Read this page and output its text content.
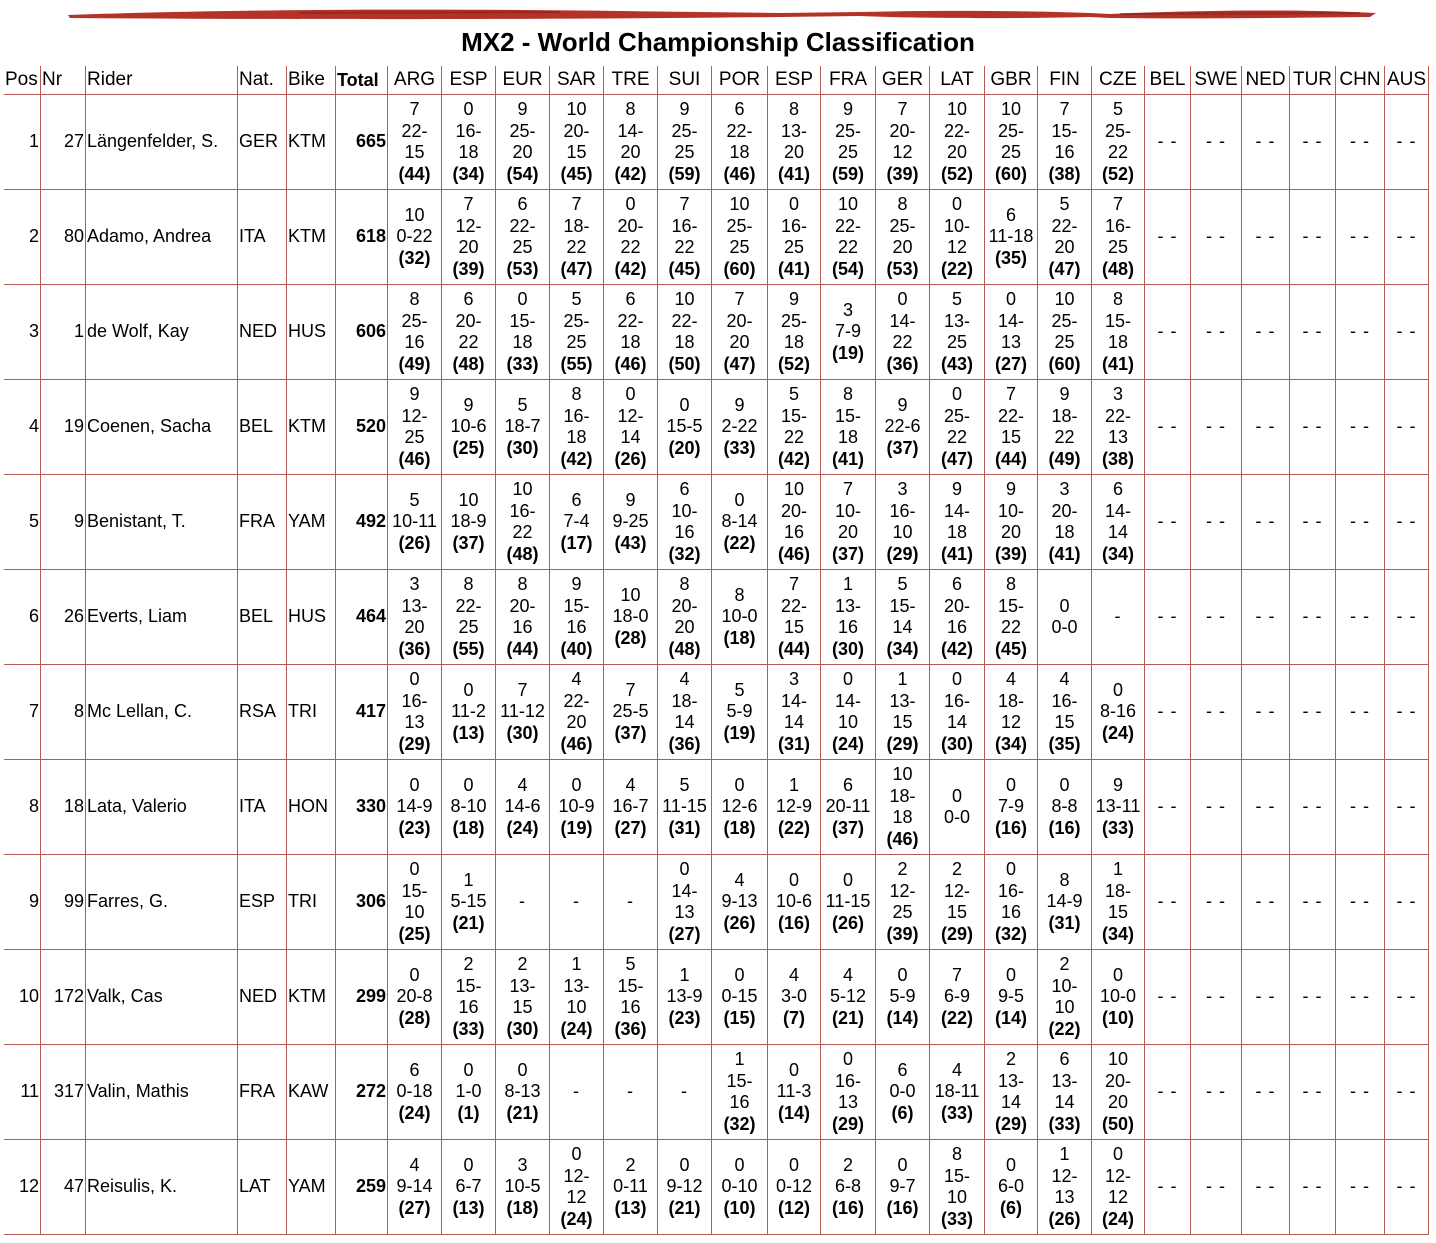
MX2 - World Championship Classification
Pos	Nr	Rider	Nat.	Bike	Total	ARG	ESP	EUR	SAR	TRE	SUI	POR	ESP	FRA	GER	LAT	GBR	FIN	CZE	BEL	SWE	NED	TUR	CHN	AUS
1	27	Längenfelder, S.	GER	KTM	665	7
22-
15
(44)	0
16-
18
(34)	9
25-
20
(54)	10
20-
15
(45)	8
14-
20
(42)	9
25-
25
(59)	6
22-
18
(46)	8
13-
20
(41)	9
25-
25
(59)	7
20-
12
(39)	10
22-
20
(52)	10
25-
25
(60)	7
15-
16
(38)	5
25-
22
(52)	- -	- -	- -	- -	- -	- -

2	80	Adamo, Andrea	ITA	KTM	618	10
0-22
(32)	7
12-
20
(39)	6
22-
25
(53)	7
18-
22
(47)	0
20-
22
(42)	7
16-
22
(45)	10
25-
25
(60)	0
16-
25
(41)	10
22-
22
(54)	8
25-
20
(53)	0
10-
12
(22)	6
11-18
(35)	5
22-
20
(47)	7
16-
25
(48)	- -	- -	- -	- -	- -	- -

3	1	de Wolf, Kay	NED	HUS	606	8
25-
16
(49)	6
20-
22
(48)	0
15-
18
(33)	5
25-
25
(55)	6
22-
18
(46)	10
22-
18
(50)	7
20-
20
(47)	9
25-
18
(52)	3
7-9
(19)	0
14-
22
(36)	5
13-
25
(43)	0
14-
13
(27)	10
25-
25
(60)	8
15-
18
(41)	- -	- -	- -	- -	- -	- -

4	19	Coenen, Sacha	BEL	KTM	520	9
12-
25
(46)	9
10-6
(25)	5
18-7
(30)	8
16-
18
(42)	0
12-
14
(26)	0
15-5
(20)	9
2-22
(33)	5
15-
22
(42)	8
15-
18
(41)	9
22-6
(37)	0
25-
22
(47)	7
22-
15
(44)	9
18-
22
(49)	3
22-
13
(38)	- -	- -	- -	- -	- -	- -

5	9	Benistant, T.	FRA	YAM	492	5
10-11
(26)	10
18-9
(37)	10
16-
22
(48)	6
7-4
(17)	9
9-25
(43)	6
10-
16
(32)	0
8-14
(22)	10
20-
16
(46)	7
10-
20
(37)	3
16-
10
(29)	9
14-
18
(41)	9
10-
20
(39)	3
20-
18
(41)	6
14-
14
(34)	- -	- -	- -	- -	- -	- -

6	26	Everts, Liam	BEL	HUS	464	3
13-
20
(36)	8
22-
25
(55)	8
20-
16
(44)	9
15-
16
(40)	10
18-0
(28)	8
20-
20
(48)	8
10-0
(18)	7
22-
15
(44)	1
13-
16
(30)	5
15-
14
(34)	6
20-
16
(42)	8
15-
22
(45)	0
0-0	-	- -	- -	- -	- -	- -	- -

7	8	Mc Lellan, C.	RSA	TRI	417	0
16-
13
(29)	0
11-2
(13)	7
11-12
(30)	4
22-
20
(46)	7
25-5
(37)	4
18-
14
(36)	5
5-9
(19)	3
14-
14
(31)	0
14-
10
(24)	1
13-
15
(29)	0
16-
14
(30)	4
18-
12
(34)	4
16-
15
(35)	0
8-16
(24)	- -	- -	- -	- -	- -	- -

8	18	Lata, Valerio	ITA	HON	330	0
14-9
(23)	0
8-10
(18)	4
14-6
(24)	0
10-9
(19)	4
16-7
(27)	5
11-15
(31)	0
12-6
(18)	1
12-9
(22)	6
20-11
(37)	10
18-
18
(46)	0
0-0	0
7-9
(16)	0
8-8
(16)	9
13-11
(33)	- -	- -	- -	- -	- -	- -

9	99	Farres, G.	ESP	TRI	306	0
15-
10
(25)	1
5-15
(21)	-	-	-	0
14-
13
(27)	4
9-13
(26)	0
10-6
(16)	0
11-15
(26)	2
12-
25
(39)	2
12-
15
(29)	0
16-
16
(32)	8
14-9
(31)	1
18-
15
(34)	- -	- -	- -	- -	- -	- -

10	172	Valk, Cas	NED	KTM	299	0
20-8
(28)	2
15-
16
(33)	2
13-
15
(30)	1
13-
10
(24)	5
15-
16
(36)	1
13-9
(23)	0
0-15
(15)	4
3-0
(7)	4
5-12
(21)	0
5-9
(14)	7
6-9
(22)	0
9-5
(14)	2
10-
10
(22)	0
10-0
(10)	- -	- -	- -	- -	- -	- -

11	317	Valin, Mathis	FRA	KAW	272	6
0-18
(24)	0
1-0
(1)	0
8-13
(21)	-	-	-	1
15-
16
(32)	0
11-3
(14)	0
16-
13
(29)	6
0-0
(6)	4
18-11
(33)	2
13-
14
(29)	6
13-
14
(33)	10
20-
20
(50)	- -	- -	- -	- -	- -	- -

12	47	Reisulis, K.	LAT	YAM	259	4
9-14
(27)	0
6-7
(13)	3
10-5
(18)	0
12-
12
(24)	2
0-11
(13)	0
9-12
(21)	0
0-10
(10)	0
0-12
(12)	2
6-8
(16)	0
9-7
(16)	8
15-
10
(33)	0
6-0
(6)	1
12-
13
(26)	0
12-
12
(24)	- -	- -	- -	- -	- -	- -
